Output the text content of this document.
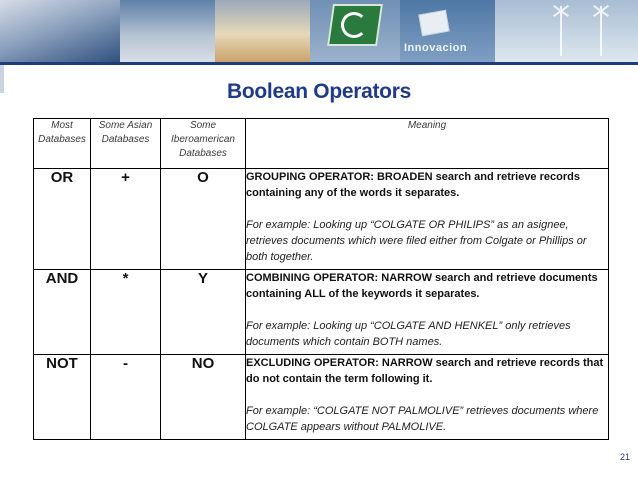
Innovacion
Boolean Operators
Most Databases	Some Asian Databases	Some Iberoamerican Databases	Meaning
OR	+	O	GROUPING OPERATOR: BROADEN search and retrieve records containing any of the words it separates.
For example: Looking up “COLGATE OR PHILIPS” as an asignee, retrieves documents which were filed either from Colgate or Phillips or both together.

AND	*	Y	COMBINING OPERATOR: NARROW search and retrieve documents containing ALL of the keywords it separates.
For example: Looking up “COLGATE AND HENKEL” only retrieves documents which contain BOTH names.

NOT	-	NO	EXCLUDING OPERATOR: NARROW search and retrieve records that do not contain the term following it.
For example: “COLGATE NOT PALMOLIVE” retrieves documents where COLGATE appears without PALMOLIVE.
21
